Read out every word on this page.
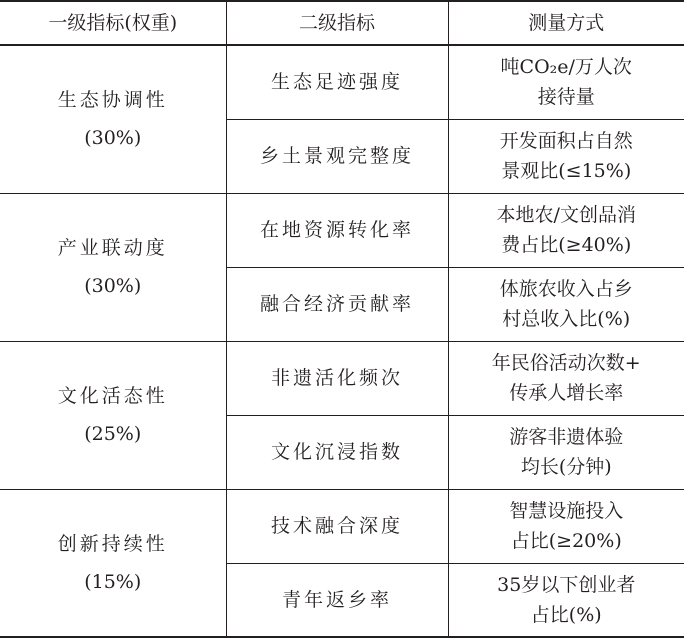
一级指标(权重)	二级指标	测量方式

生态协调性
(30%)	生态足迹强度	吨CO₂e/万人次
接待量

	乡土景观完整度	开发面积占自然
景观比(≤15%)

产业联动度
(30%)	在地资源转化率	本地农/文创品消
费占比(≥40%)

	融合经济贡献率	体旅农收入占乡
村总收入比(%)

文化活态性
(25%)	非遗活化频次	年民俗活动次数+
传承人增长率

	文化沉浸指数	游客非遗体验
均长(分钟)

创新持续性
(15%)	技术融合深度	智慧设施投入
占比(≥20%)

	青年返乡率	35岁以下创业者
占比(%)
